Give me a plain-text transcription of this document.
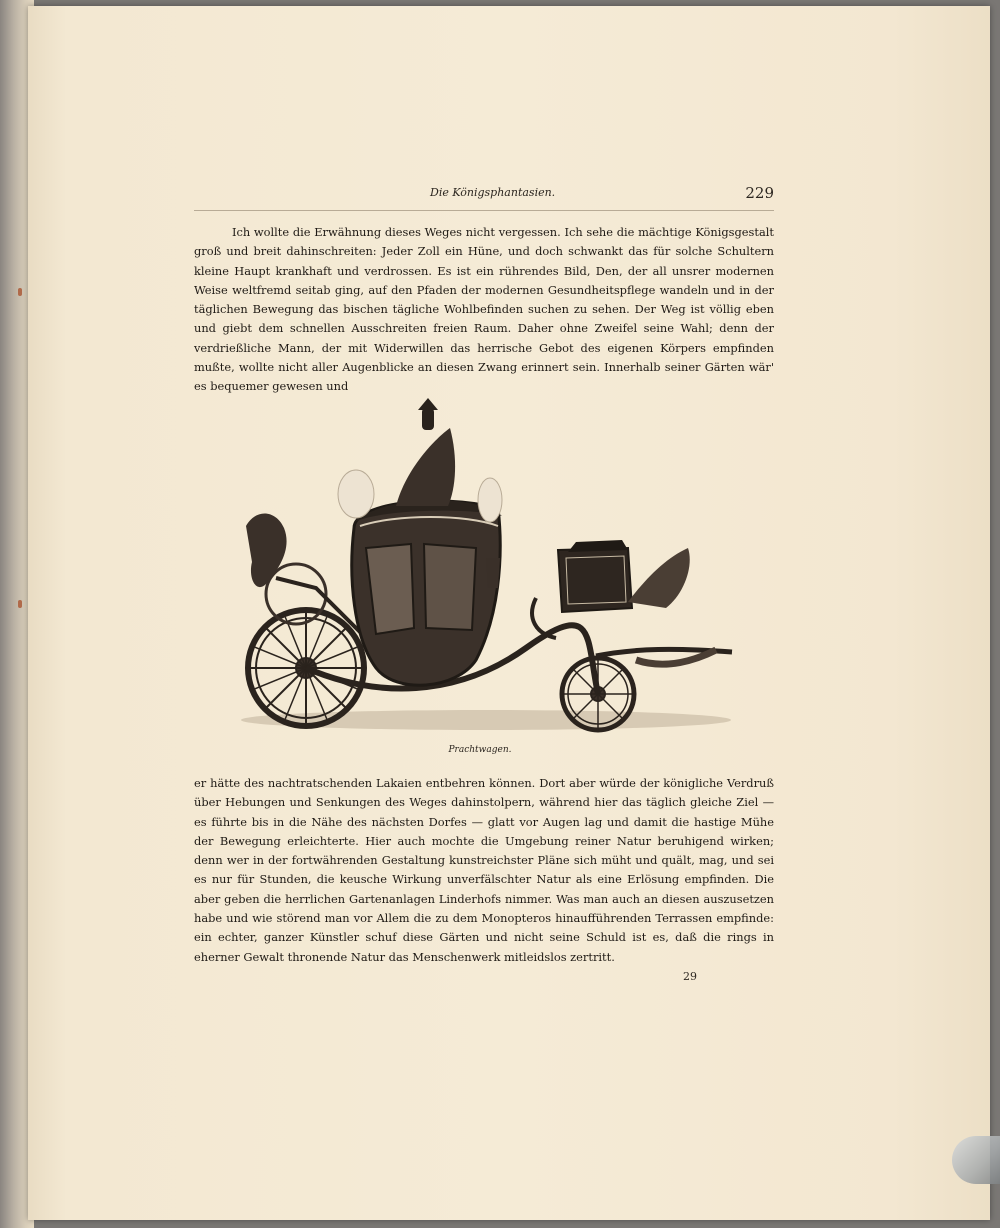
Die Königsphantasien.	229

Ich wollte die Erwähnung dieses Weges nicht vergessen. Ich sehe die mächtige Königsgestalt groß und breit dahinschreiten: Jeder Zoll ein Hüne, und doch schwankt das für solche Schultern kleine Haupt krankhaft und verdrossen. Es ist ein rührendes Bild, Den, der all unsrer modernen Weise weltfremd seitab ging, auf den Pfaden der modernen Gesundheitspflege wandeln und in der täglichen Bewegung das bischen tägliche Wohlbefinden suchen zu sehen. Der Weg ist völlig eben und giebt dem schnellen Ausschreiten freien Raum. Daher ohne Zweifel seine Wahl; denn der verdrießliche Mann, der mit Widerwillen das herrische Gebot des eigenen Körpers empfinden mußte, wollte nicht aller Augenblicke an diesen Zwang erinnert sein. Innerhalb seiner Gärten wär' es bequemer gewesen und

Prachtwagen.

er hätte des nachtratschenden Lakaien entbehren können. Dort aber würde der königliche Verdruß über Hebungen und Senkungen des Weges dahinstolpern, während hier das täglich gleiche Ziel — es führte bis in die Nähe des nächsten Dorfes — glatt vor Augen lag und damit die hastige Mühe der Bewegung erleichterte. Hier auch mochte die Umgebung reiner Natur beruhigend wirken; denn wer in der fortwährenden Gestaltung kunstreichster Pläne sich müht und quält, mag, und sei es nur für Stunden, die keusche Wirkung unverfälschter Natur als eine Erlösung empfinden. Die aber geben die herrlichen Gartenanlagen Linderhofs nimmer. Was man auch an diesen auszusetzen habe und wie störend man vor Allem die zu dem Monopteros hinaufführenden Terrassen empfinde: ein echter, ganzer Künstler schuf diese Gärten und nicht seine Schuld ist es, daß die rings in eherner Gewalt thronende Natur das Menschenwerk mitleidslos zertritt.

29
